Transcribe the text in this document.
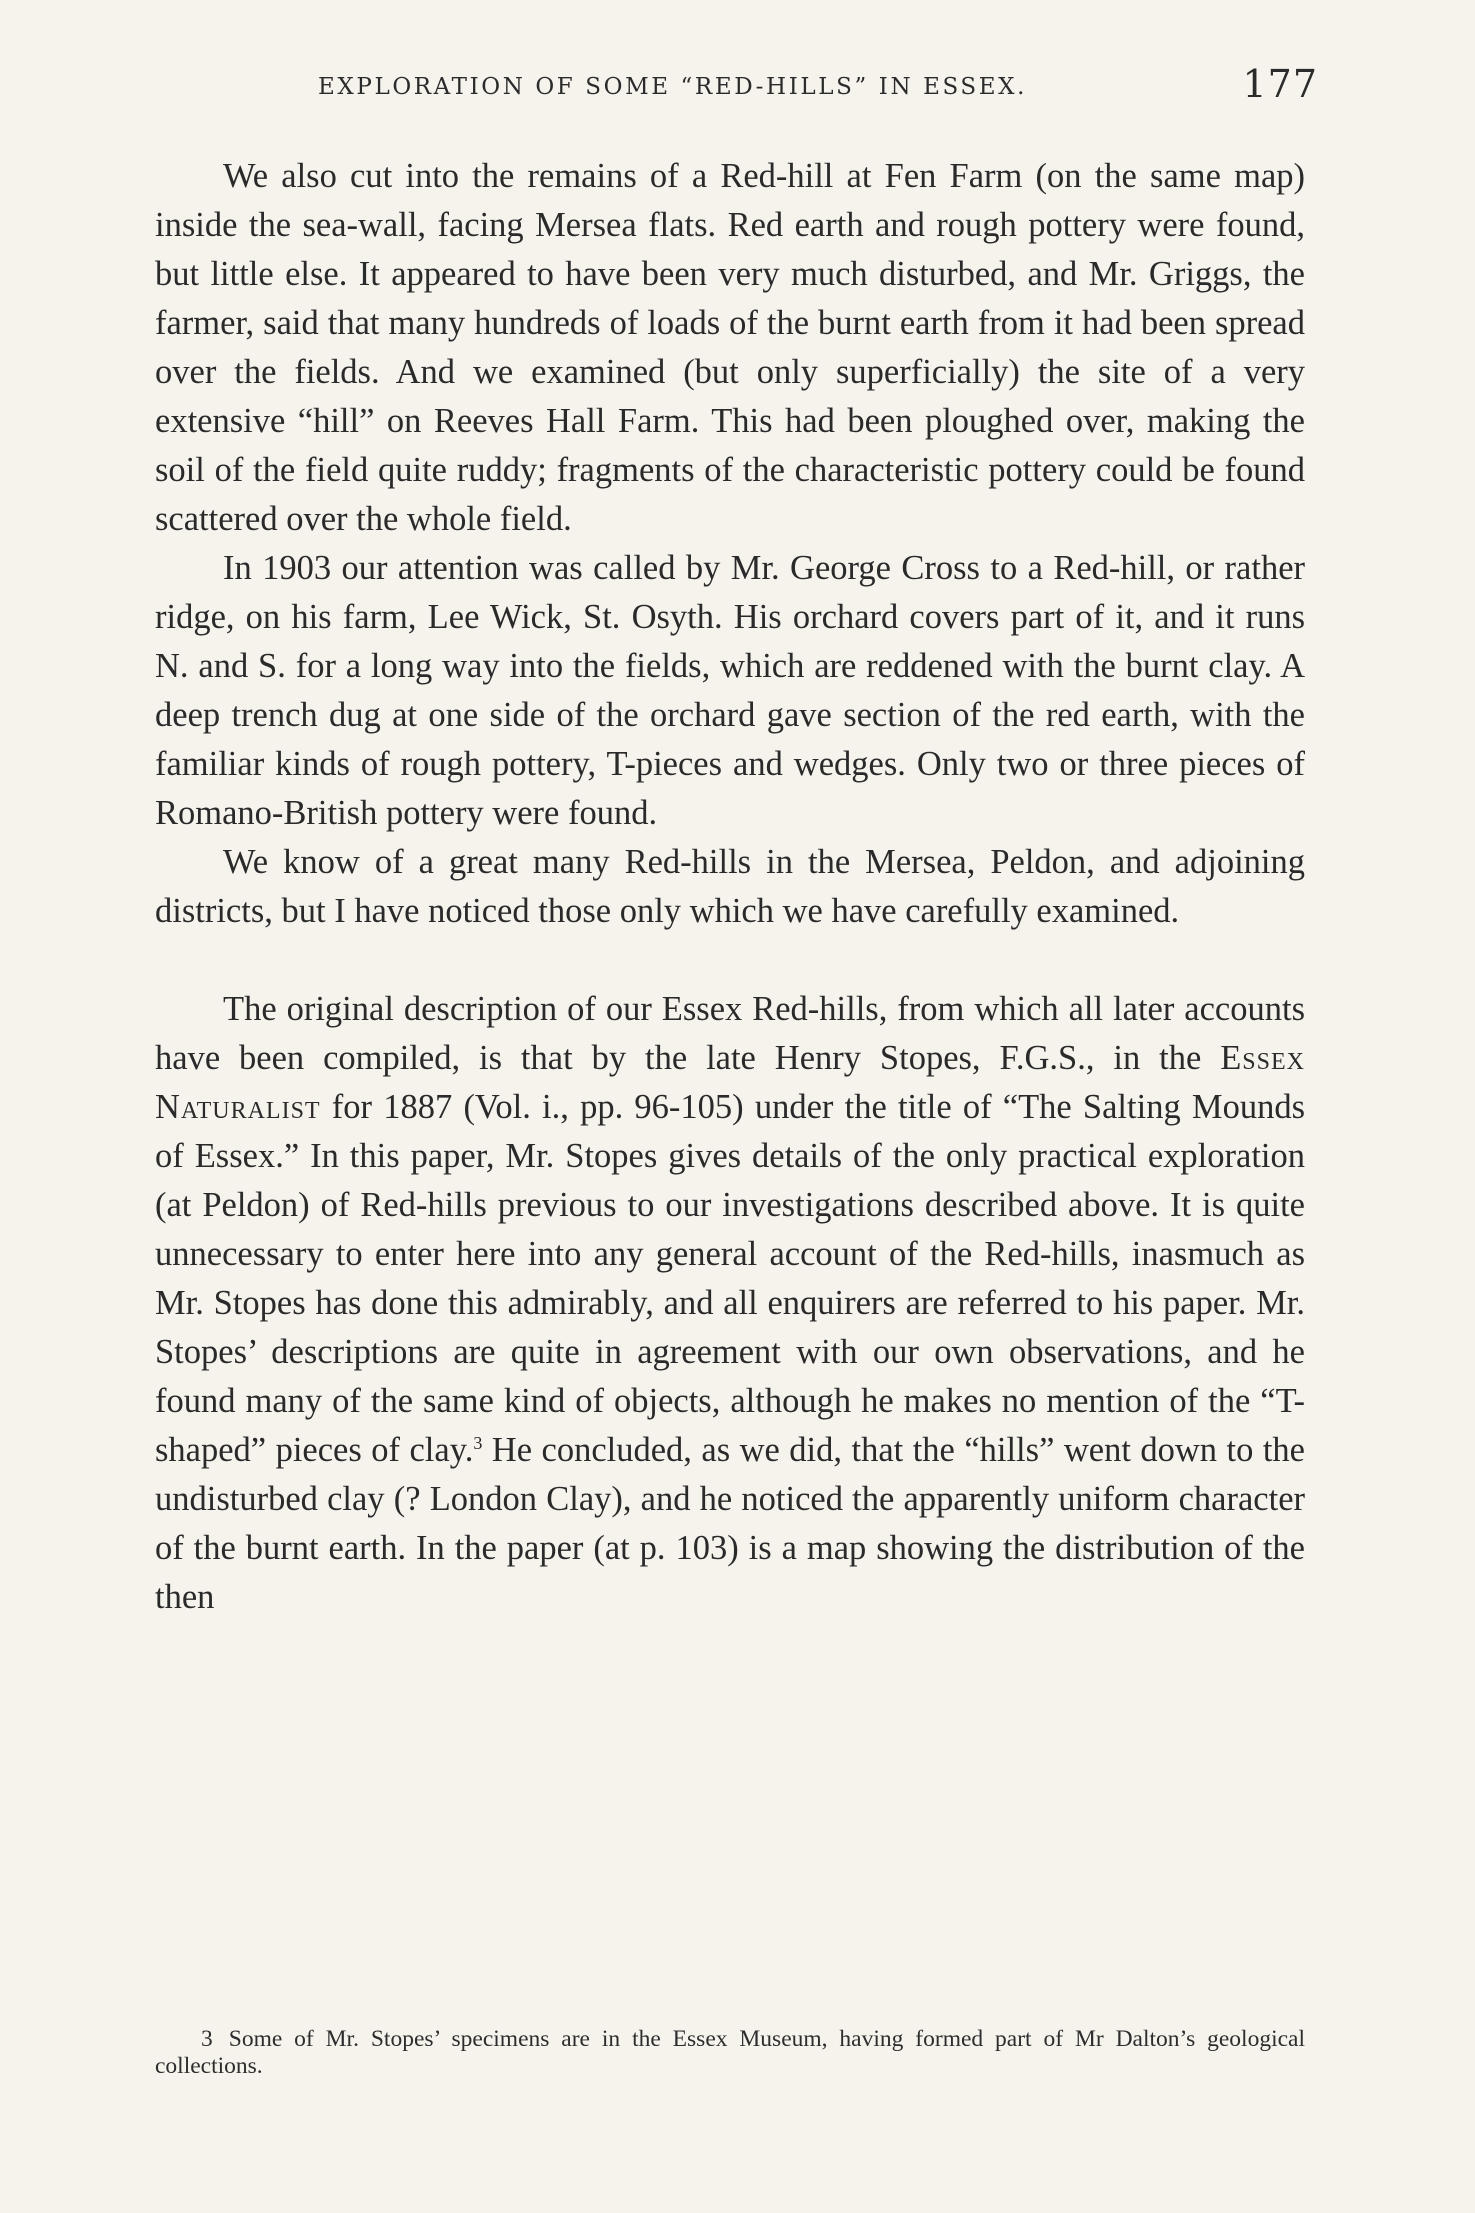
EXPLORATION OF SOME “RED-HILLS” IN ESSEX.	177

We also cut into the remains of a Red-hill at Fen Farm (on the same map) inside the sea-wall, facing Mersea flats. Red earth and rough pottery were found, but little else. It appeared to have been very much disturbed, and Mr. Griggs, the farmer, said that many hundreds of loads of the burnt earth from it had been spread over the fields. And we examined (but only superficially) the site of a very extensive “hill” on Reeves Hall Farm. This had been ploughed over, making the soil of the field quite ruddy; fragments of the characteristic pottery could be found scattered over the whole field.

In 1903 our attention was called by Mr. George Cross to a Red-hill, or rather ridge, on his farm, Lee Wick, St. Osyth. His orchard covers part of it, and it runs N. and S. for a long way into the fields, which are reddened with the burnt clay. A deep trench dug at one side of the orchard gave section of the red earth, with the familiar kinds of rough pottery, T-pieces and wedges. Only two or three pieces of Romano-British pottery were found.

We know of a great many Red-hills in the Mersea, Peldon, and adjoining districts, but I have noticed those only which we have carefully examined.

The original description of our Essex Red-hills, from which all later accounts have been compiled, is that by the late Henry Stopes, F.G.S., in the Essex Naturalist for 1887 (Vol. i., pp. 96-105) under the title of “The Salting Mounds of Essex.” In this paper, Mr. Stopes gives details of the only practical exploration (at Peldon) of Red-hills previous to our investigations described above. It is quite unnecessary to enter here into any general account of the Red-hills, inasmuch as Mr. Stopes has done this admirably, and all enquirers are referred to his paper. Mr. Stopes’ descriptions are quite in agreement with our own observations, and he found many of the same kind of objects, although he makes no mention of the “T-shaped” pieces of clay.$^3$ He concluded, as we did, that the “hills” went down to the undisturbed clay (? London Clay), and he noticed the apparently uniform character of the burnt earth. In the paper (at p. 103) is a map showing the distribution of the then

3 Some of Mr. Stopes’ specimens are in the Essex Museum, having formed part of Mr Dalton’s geological collections.
